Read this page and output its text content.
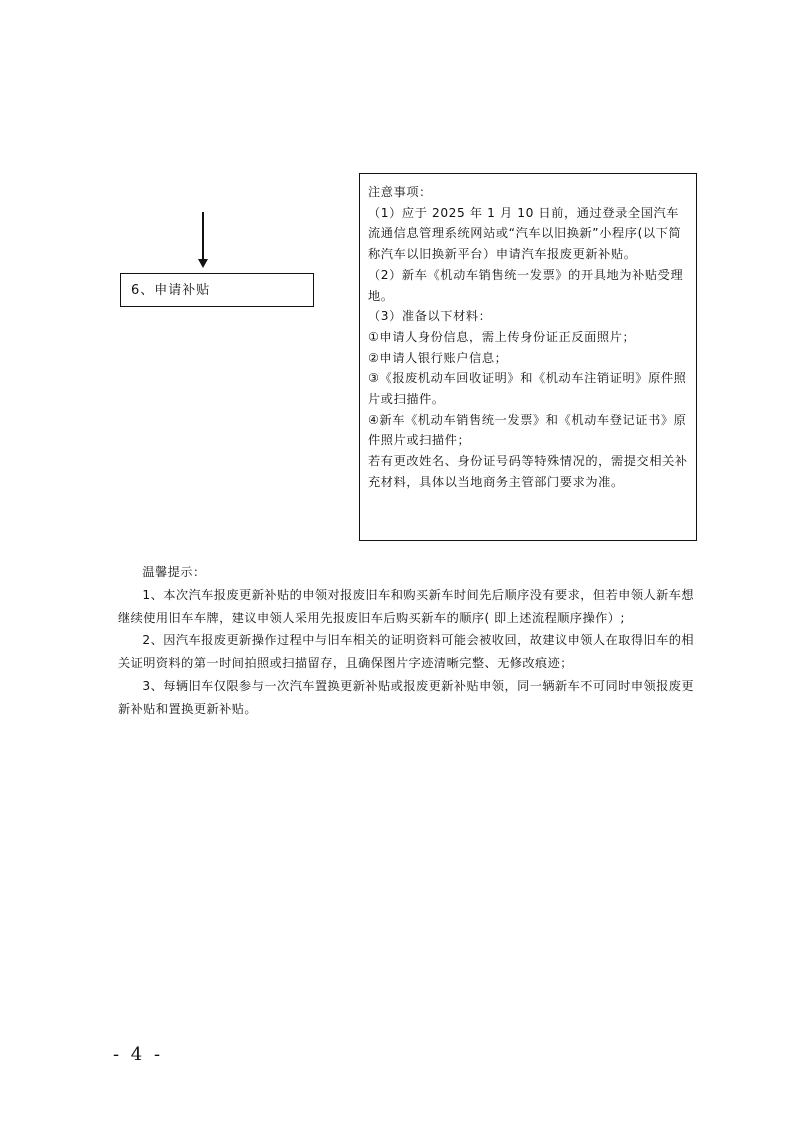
6、申请补贴

注意事项：

（1）应于 2025 年 1 月 10 日前，通过登录全国汽车流通信息管理系统网站或“汽车以旧换新”小程序(以下简称汽车以旧换新平台）申请汽车报废更新补贴。

（2）新车《机动车销售统一发票》的开具地为补贴受理地。

（3）准备以下材料：

①申请人身份信息，需上传身份证正反面照片；

②申请人银行账户信息；

③《报废机动车回收证明》和《机动车注销证明》原件照片或扫描件。

④新车《机动车销售统一发票》和《机动车登记证书》原件照片或扫描件；

若有更改姓名、身份证号码等特殊情况的，需提交相关补充材料，具体以当地商务主管部门要求为准。

温馨提示：

1、本次汽车报废更新补贴的申领对报废旧车和购买新车时间先后顺序没有要求，但若申领人新车想继续使用旧车车牌，建议申领人采用先报废旧车后购买新车的顺序( 即上述流程顺序操作）;

2、因汽车报废更新操作过程中与旧车相关的证明资料可能会被收回，故建议申领人在取得旧车的相关证明资料的第一时间拍照或扫描留存，且确保图片字迹清晰完整、无修改痕迹；

3、每辆旧车仅限参与一次汽车置换更新补贴或报废更新补贴申领，同一辆新车不可同时申领报废更新补贴和置换更新补贴。

- 4 -
